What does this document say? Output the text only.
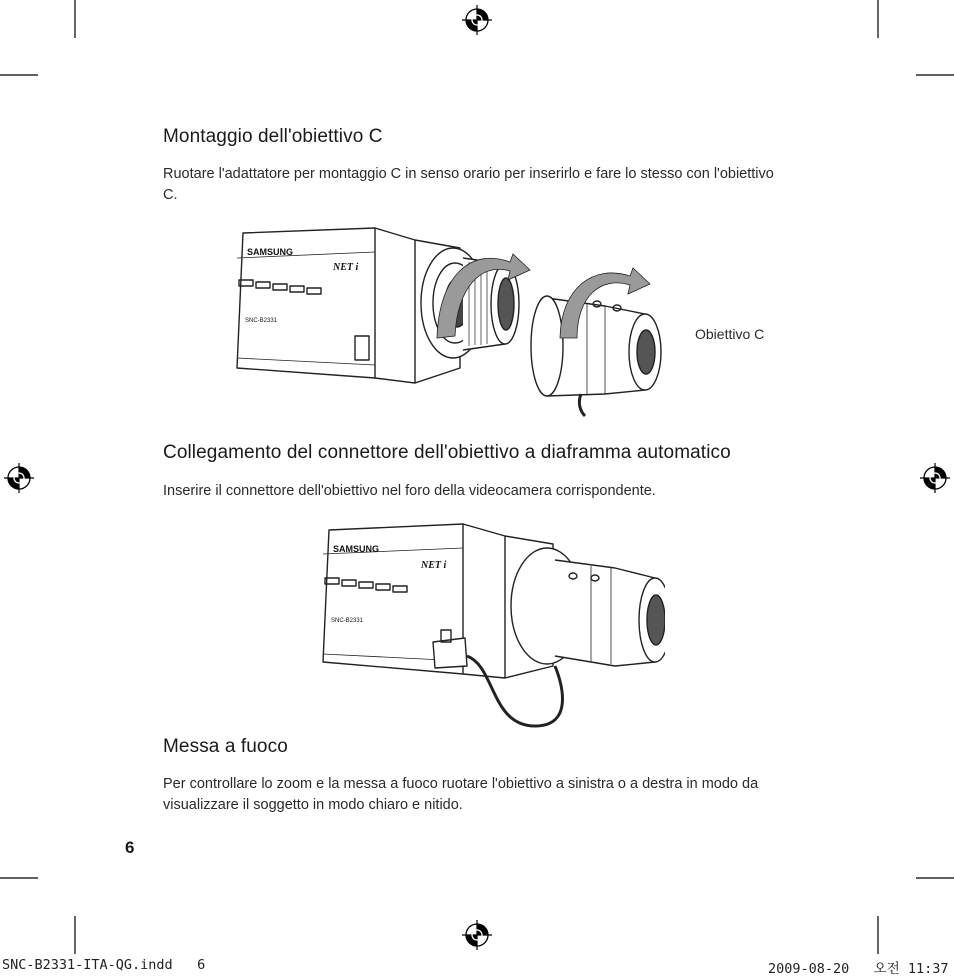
Montaggio dell'obiettivo C

Ruotare l'adattatore per montaggio C in senso orario per inserirlo e fare lo stesso con l'obiettivo C.

SAMSUNG
NET i
SNC-B2331
Obiettivo C
Collegamento del connettore dell'obiettivo a diaframma automatico

Inserire il connettore dell'obiettivo nel foro della videocamera corrispondente.

SAMSUNG
NET i
SNC-B2331
Messa a fuoco

Per controllare lo zoom e la messa a fuoco ruotare l'obiettivo a sinistra o a destra in modo da visualizzare il soggetto in modo chiaro e nitido.

6
SNC-B2331-ITA-QG.indd   6	2009-08-20   오전 11:37
